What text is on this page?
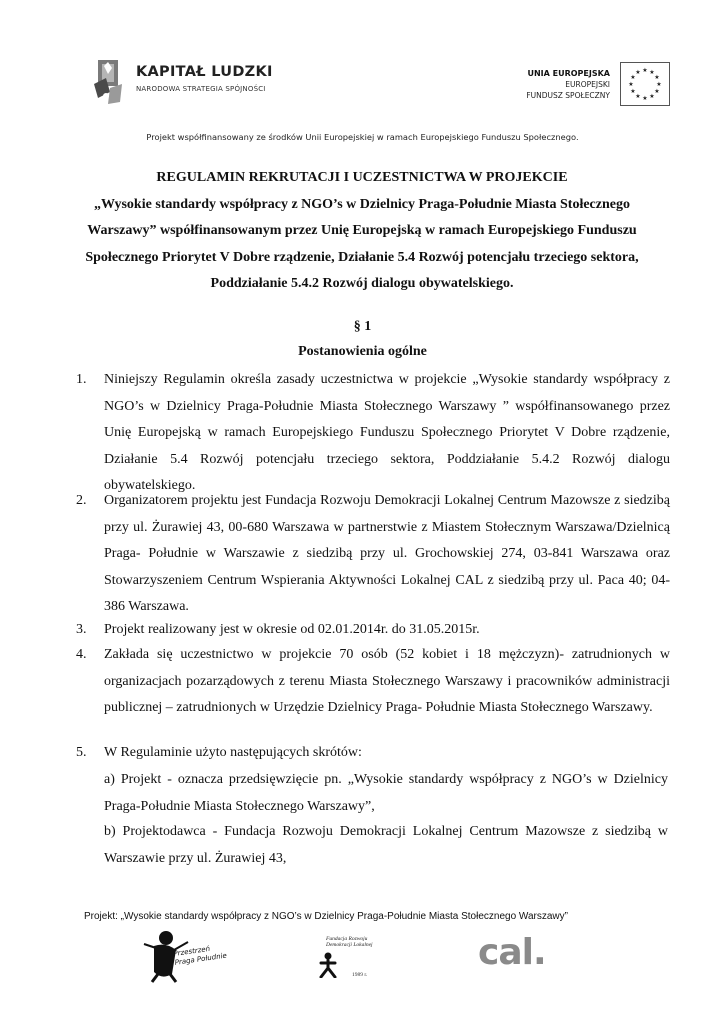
KAPITAŁ LUDZKI
NARODOWA STRATEGIA SPÓJNOŚCI
UNIA EUROPEJSKA
EUROPEJSKI
FUNDUSZ SPOŁECZNY
★ ★
★
★
★
★
★
★
★
★
★
★
Projekt współfinansowany ze środków Unii Europejskiej w ramach Europejskiego Funduszu Społecznego.
REGULAMIN REKRUTACJI I UCZESTNICTWA W PROJEKCIE
„Wysokie standardy współpracy z NGO’s w Dzielnicy Praga-Południe Miasta Stołecznego
Warszawy” współfinansowanym przez Unię Europejską w ramach Europejskiego Funduszu
Społecznego Priorytet V Dobre rządzenie, Działanie 5.4 Rozwój potencjału trzeciego sektora,
Poddziałanie 5.4.2 Rozwój dialogu obywatelskiego.
§ 1
Postanowienia ogólne
1. Niniejszy Regulamin określa zasady uczestnictwa w projekcie „Wysokie standardy współpracy z NGO’s w Dzielnicy Praga-Południe Miasta Stołecznego Warszawy ” współfinansowanego przez Unię Europejską w ramach Europejskiego Funduszu Społecznego Priorytet V Dobre rządzenie, Działanie 5.4 Rozwój potencjału trzeciego sektora, Poddziałanie 5.4.2 Rozwój dialogu obywatelskiego.
2. Organizatorem projektu jest Fundacja Rozwoju Demokracji Lokalnej Centrum Mazowsze z siedzibą przy ul. Żurawiej 43, 00-680 Warszawa w partnerstwie z Miastem Stołecznym Warszawa/Dzielnicą Praga- Południe w Warszawie z siedzibą przy ul. Grochowskiej 274, 03-841 Warszawa oraz Stowarzyszeniem Centrum Wspierania Aktywności Lokalnej CAL z siedzibą przy ul. Paca 40; 04-386 Warszawa.
3. Projekt realizowany jest w okresie od 02.01.2014r. do 31.05.2015r.
4. Zakłada się uczestnictwo w projekcie 70 osób (52 kobiet i 18 mężczyzn)- zatrudnionych w organizacjach pozarządowych z terenu Miasta Stołecznego Warszawy i pracowników administracji publicznej – zatrudnionych w Urzędzie Dzielnicy Praga- Południe Miasta Stołecznego Warszawy.
5. W Regulaminie użyto następujących skrótów:
a) Projekt - oznacza przedsięwzięcie pn. „Wysokie standardy współpracy z NGO’s w Dzielnicy Praga-Południe Miasta Stołecznego Warszawy”,
b) Projektodawca - Fundacja Rozwoju Demokracji Lokalnej Centrum Mazowsze z siedzibą w Warszawie przy ul. Żurawiej 43,
Projekt: „Wysokie standardy współpracy z NGO’s w Dzielnicy Praga-Południe Miasta Stołecznego Warszawy”
Przestrzeń Praga Południe
Fundacja Rozwoju
Demokracji Lokalnej
1989 r.
cal.
